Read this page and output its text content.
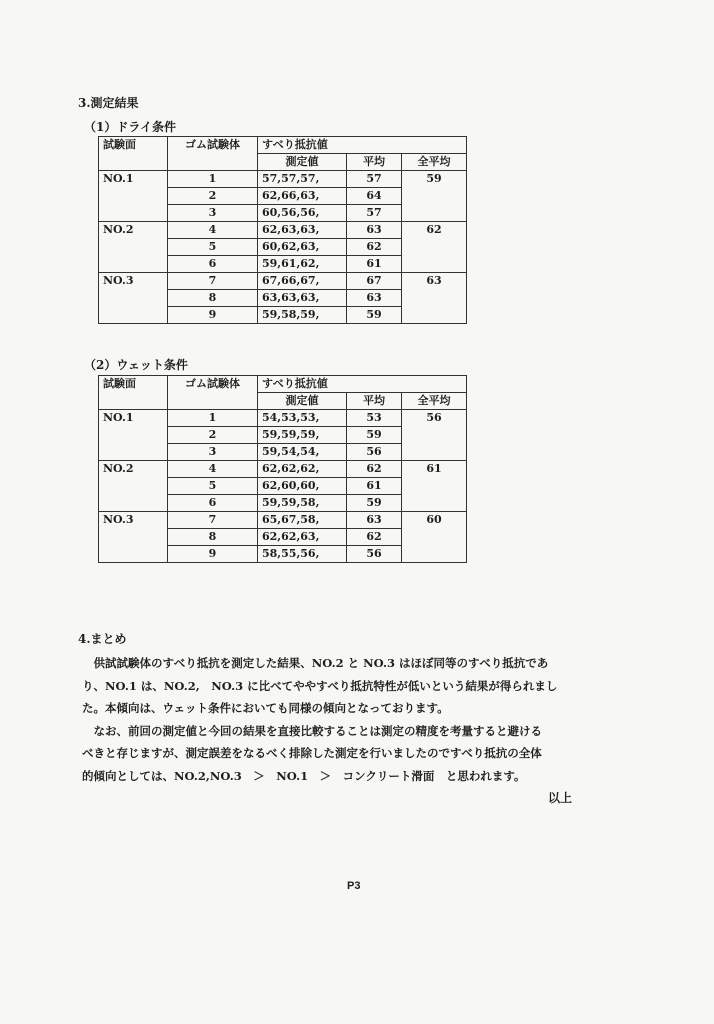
3.測定結果
（1）ドライ条件
試験面	ゴム試験体	すべり抵抗値		
		測定値	平均	全平均
NO.1	1	57,57,57,	57	59
	2	62,66,63,	64	
	3	60,56,56,	57	
NO.2	4	62,63,63,	63	62
	5	60,62,63,	62	
	6	59,61,62,	61	
NO.3	7	67,66,67,	67	63
	8	63,63,63,	63	
	9	59,58,59,	59	
（2）ウェット条件
試験面	ゴム試験体	すべり抵抗値		
		測定値	平均	全平均
NO.1	1	54,53,53,	53	56
	2	59,59,59,	59	
	3	59,54,54,	56	
NO.2	4	62,62,62,	62	61
	5	62,60,60,	61	
	6	59,59,58,	59	
NO.3	7	65,67,58,	63	60
	8	62,62,63,	62	
	9	58,55,56,	56	
4.まとめ

　供試試験体のすべり抵抗を測定した結果、NO.2 と NO.3 はほぼ同等のすべり抵抗であ

り、NO.1 は、NO.2,　NO.3 に比べてややすべり抵抗特性が低いという結果が得られまし

た。本傾向は、ウェット条件においても同様の傾向となっております。

　なお、前回の測定値と今回の結果を直接比較することは測定の精度を考量すると避ける

べきと存じますが、測定誤差をなるべく排除した測定を行いましたのですべり抵抗の全体

的傾向としては、NO.2,NO.3　＞　NO.1　＞　コンクリート滑面　と思われます。

以上
P3
